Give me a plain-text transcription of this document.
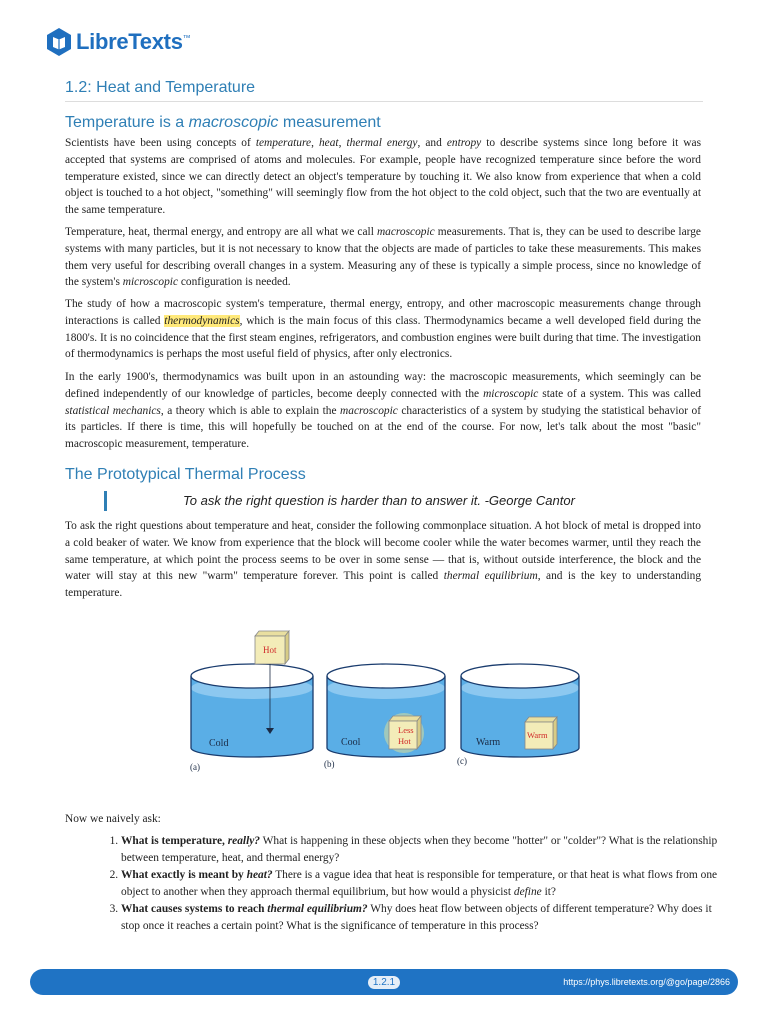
LibreTexts™
1.2: Heat and Temperature
Temperature is a macroscopic measurement

Scientists have been using concepts of temperature, heat, thermal energy, and entropy to describe systems since long before it was accepted that systems are comprised of atoms and molecules. For example, people have recognized temperature since before the word temperature existed, since we can directly detect an object's temperature by touching it. We also know from experience that when a cold object is touched to a hot object, "something" will seemingly flow from the hot object to the cold object, such that the two are eventually at the same temperature.

Temperature, heat, thermal energy, and entropy are all what we call macroscopic measurements. That is, they can be used to describe large systems with many particles, but it is not necessary to know that the objects are made of particles to take these measurements. This makes them very useful for describing overall changes in a system. Measuring any of these is typically a simple process, since no knowledge of the system's microscopic configuration is needed.

The study of how a macroscopic system's temperature, thermal energy, entropy, and other macroscopic measurements change through interactions is called thermodynamics, which is the main focus of this class. Thermodynamics became a well developed field during the 1800's. It is no coincidence that the first steam engines, refrigerators, and combustion engines were built during that time. The investigation of thermodynamics is perhaps the most useful field of physics, after only electronics.

In the early 1900's, thermodynamics was built upon in an astounding way: the macroscopic measurements, which seemingly can be defined independently of our knowledge of particles, become deeply connected with the microscopic state of a system. This was called statistical mechanics, a theory which is able to explain the macroscopic characteristics of a system by studying the statistical behavior of its particles. If there is time, this will hopefully be touched on at the end of the course. For now, let's talk about the most "basic" macroscopic measurement, temperature.

The Prototypical Thermal Process
To ask the right question is harder than to answer it. -George Cantor

To ask the right questions about temperature and heat, consider the following commonplace situation. A hot block of metal is dropped into a cold beaker of water. We know from experience that the block will become cooler while the water becomes warmer, until they reach the same temperature, at which point the process seems to be over in some sense — that is, without outside interference, the block and the water will stay at this new "warm" temperature forever. This point is called thermal equilibrium, and is the key to understanding temperature.

Cold
Hot
(a)
Cool
Less
Hot
(b)
Warm
Warm
(c)

Now we naively ask:

1. What is temperature, really? What is happening in these objects when they become "hotter" or "colder"? What is the relationship between temperature, heat, and thermal energy?
2. What exactly is meant by heat? There is a vague idea that heat is responsible for temperature, or that heat is what flows from one object to another when they approach thermal equilibrium, but how would a physicist define it?
3. What causes systems to reach thermal equilibrium? Why does heat flow between objects of different temperature? Why does it stop once it reaches a certain point? What is the significance of temperature in this process?
1.2.1	https://phys.libretexts.org/@go/page/2866
